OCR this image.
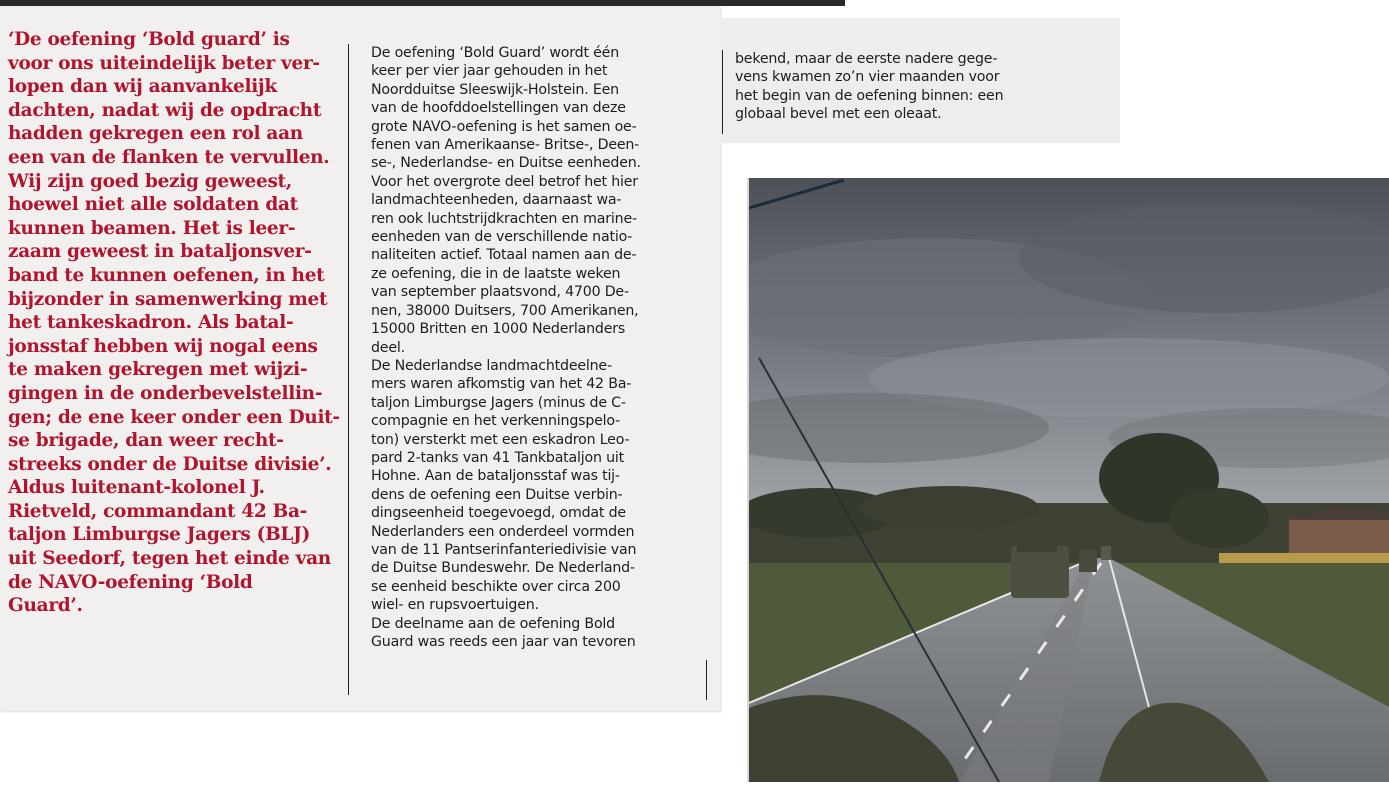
‘De oefening ‘Bold guard’ is
voor ons uiteindelijk beter ver-
lopen dan wij aanvankelijk
dachten, nadat wij de opdracht
hadden gekregen een rol aan
een van de flanken te vervullen.
Wij zijn goed bezig geweest,
hoewel niet alle soldaten dat
kunnen beamen. Het is leer-
zaam geweest in bataljonsver-
band te kunnen oefenen, in het
bijzonder in samenwerking met
het tankeskadron. Als batal-
jonsstaf hebben wij nogal eens
te maken gekregen met wijzi-
gingen in de onderbevelstellin-
gen; de ene keer onder een Duit-
se brigade, dan weer recht-
streeks onder de Duitse divisie’.
Aldus luitenant-kolonel J.
Rietveld, commandant 42 Ba-
taljon Limburgse Jagers (BLJ)
uit Seedorf, tegen het einde van
de NAVO-oefening ‘Bold
Guard’.

De oefening ‘Bold Guard’ wordt één
keer per vier jaar gehouden in het
Noordduitse Sleeswijk-Holstein. Een
van de hoofddoelstellingen van deze
grote NAVO-oefening is het samen oe-
fenen van Amerikaanse- Britse-, Deen-
se-, Nederlandse- en Duitse eenheden.
Voor het overgrote deel betrof het hier
landmachteenheden, daarnaast wa-
ren ook luchtstrijdkrachten en marine-
eenheden van de verschillende natio-
naliteiten actief. Totaal namen aan de-
ze oefening, die in de laatste weken
van september plaatsvond, 4700 De-
nen, 38000 Duitsers, 700 Amerikanen,
15000 Britten en 1000 Nederlanders
deel.
De Nederlandse landmachtdeelne-
mers waren afkomstig van het 42 Ba-
taljon Limburgse Jagers (minus de C-
compagnie en het verkenningspelo-
ton) versterkt met een eskadron Leo-
pard 2-tanks van 41 Tankbataljon uit
Hohne. Aan de bataljonsstaf was tij-
dens de oefening een Duitse verbin-
dingseenheid toegevoegd, omdat de
Nederlanders een onderdeel vormden
van de 11 Pantserinfanteriedivisie van
de Duitse Bundeswehr. De Nederland-
se eenheid beschikte over circa 200
wiel- en rupsvoertuigen.
De deelname aan de oefening Bold
Guard was reeds een jaar van tevoren

bekend, maar de eerste nadere gege-
vens kwamen zo’n vier maanden voor
het begin van de oefening binnen: een
globaal bevel met een oleaat.
